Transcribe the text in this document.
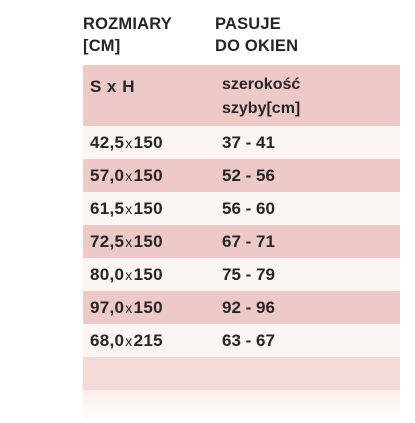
ROZMIARY
[CM]
S x H
42,5x150
57,0x150
61,5x150
72,5x150
80,0x150
97,0x150
68,0x215
PASUJE
DO OKIEN
szerokość
szyby[cm]
37 - 41
52 - 56
56 - 60
67 - 71
75 - 79
92 - 96
63 - 67
